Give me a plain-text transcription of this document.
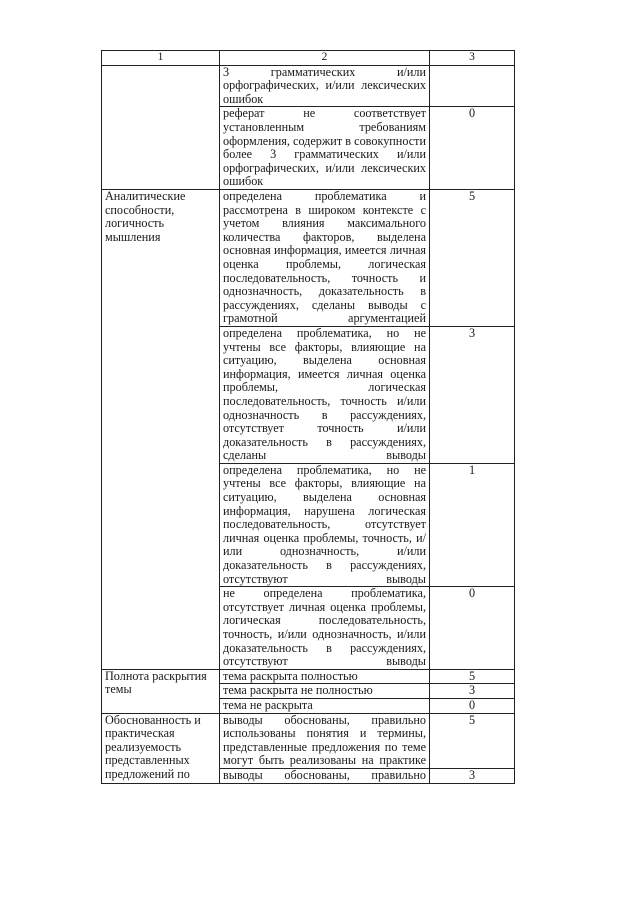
1	2	3
	3 грамматических и/или орфографических, и/или лексических ошибок	
	реферат не соответствует установленным требованиям оформления, содержит в совокупности более 3 грамматических и/или орфографических, и/или лексических ошибок	0

Аналитические способности, логичность мышления	определена проблематика и рассмотрена в широком контексте с учетом влияния максимального количества факторов, выделена основная информация, имеется личная оценка проблемы, логическая последовательность, точность и однозначность, доказательность в рассуждениях, сделаны выводы с грамотной аргументацией	5
	определена проблематика, но не учтены все факторы, влияющие на ситуацию, выделена основная информация, имеется личная оценка проблемы, логическая последовательность, точность и/или однозначность в рассуждениях, отсутствует точность и/или доказательность в рассуждениях, сделаны выводы	3
	определена проблематика, но не учтены все факторы, влияющие на ситуацию, выделена основная информация, нарушена логическая последовательность, отсутствует личная оценка проблемы, точность, и/или однозначность, и/или доказательность в рассуждениях, отсутствуют выводы	1
	не определена проблематика, отсутствует личная оценка проблемы, логическая последовательность, точность, и/или однозначность, и/или доказательность в рассуждениях, отсутствуют выводы	0

Полнота раскрытия темы	тема раскрыта полностью	5
	тема раскрыта не полностью	3
	тема не раскрыта	0

Обоснованность и практическая реализуемость представленных предложений по	выводы обоснованы, правильно использованы понятия и термины, представленные предложения по теме могут быть реализованы на практике	5
	выводы обоснованы, правильно	3
